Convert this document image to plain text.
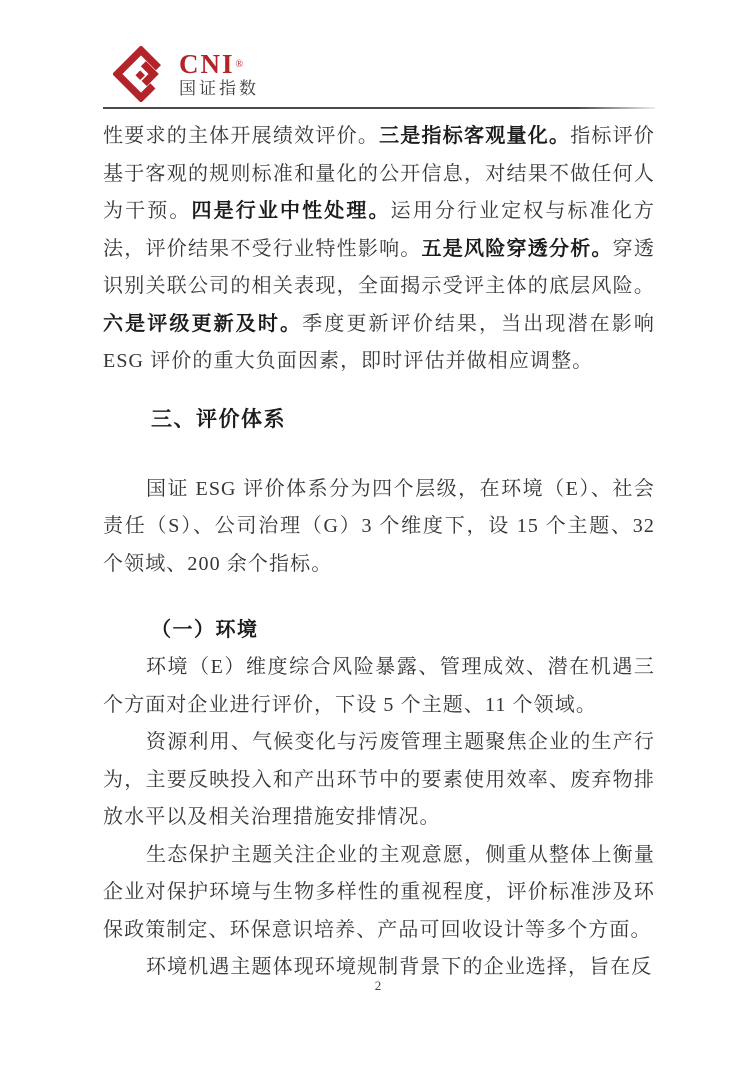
CNI®
国证指数

性要求的主体开展绩效评价。三是指标客观量化。指标评价基于客观的规则标准和量化的公开信息，对结果不做任何人为干预。四是行业中性处理。运用分行业定权与标准化方法，评价结果不受行业特性影响。五是风险穿透分析。穿透识别关联公司的相关表现，全面揭示受评主体的底层风险。六是评级更新及时。季度更新评价结果，当出现潜在影响 ESG 评价的重大负面因素，即时评估并做相应调整。

三、评价体系

国证 ESG 评价体系分为四个层级，在环境（E）、社会责任（S）、公司治理（G）3 个维度下，设 15 个主题、32 个领域、200 余个指标。

（一）环境

环境（E）维度综合风险暴露、管理成效、潜在机遇三个方面对企业进行评价，下设 5 个主题、11 个领域。

资源利用、气候变化与污废管理主题聚焦企业的生产行为，主要反映投入和产出环节中的要素使用效率、废弃物排放水平以及相关治理措施安排情况。

生态保护主题关注企业的主观意愿，侧重从整体上衡量企业对保护环境与生物多样性的重视程度，评价标准涉及环保政策制定、环保意识培养、产品可回收设计等多个方面。

环境机遇主题体现环境规制背景下的企业选择，旨在反

2
